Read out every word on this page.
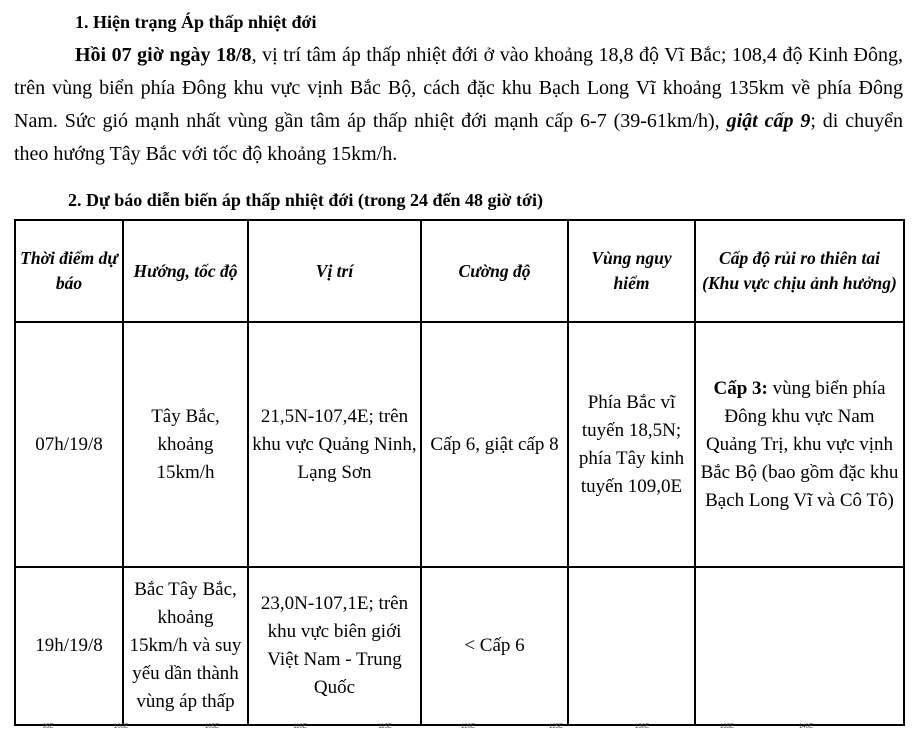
1. Hiện trạng Áp thấp nhiệt đới

Hồi 07 giờ ngày 18/8, vị trí tâm áp thấp nhiệt đới ở vào khoảng 18,8 độ Vĩ Bắc; 108,4 độ Kinh Đông, trên vùng biển phía Đông khu vực vịnh Bắc Bộ, cách đặc khu Bạch Long Vĩ khoảng 135km về phía Đông Nam. Sức gió mạnh nhất vùng gần tâm áp thấp nhiệt đới mạnh cấp 6-7 (39-61km/h), giật cấp 9; di chuyển theo hướng Tây Bắc với tốc độ khoảng 15km/h.

2. Dự báo diễn biến áp thấp nhiệt đới (trong 24 đến 48 giờ tới)
Thời điểm dự báo	Hướng, tốc độ	Vị trí	Cường độ	Vùng nguy hiểm	Cấp độ rủi ro thiên tai (Khu vực chịu ảnh hưởng)
07h/19/8	Tây Bắc, khoảng 15km/h	21,5N-107,4E; trên khu vực Quảng Ninh, Lạng Sơn	Cấp 6, giật cấp 8	Phía Bắc vĩ tuyến 18,5N; phía Tây kinh tuyến 109,0E	Cấp 3: vùng biển phía Đông khu vực Nam Quảng Trị, khu vực vịnh Bắc Bộ (bao gồm đặc khu Bạch Long Vĩ và Cô Tô)
19h/19/8	Bắc Tây Bắc, khoảng 15km/h và suy yếu dần thành vùng áp thấp	23,0N-107,1E; trên khu vực biên giới Việt Nam - Trung Quốc	< Cấp 6		
95E	100E	105E	110E	115E	120E	125E	130E	135E	140E
